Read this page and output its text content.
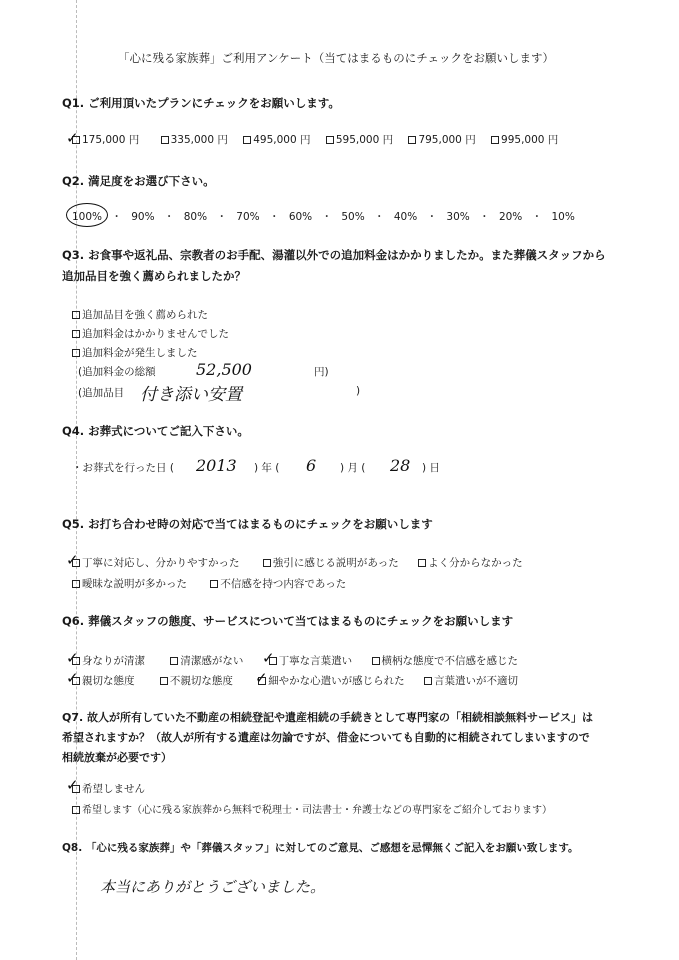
「心に残る家族葬」ご利用アンケート（当てはまるものにチェックをお願いします）
Q1. ご利用頂いたプランにチェックをお願いします。
175,000 円	335,000 円 495,000 円 595,000 円 795,000 円 995,000 円
✓
Q2. 満足度をお選び下さい。
100% ・ 90% ・ 80% ・ 70% ・ 60% ・ 50% ・ 40% ・ 30% ・ 20% ・ 10%
Q3. お食事や返礼品、宗教者のお手配、湯灌以外での追加料金はかかりましたか。また葬儀スタッフから
追加品目を強く薦められましたか？
追加品目を強く薦められた
追加料金はかかりませんでした
追加料金が発生しました
(追加料金の総額	52,500	円)
(追加品目 付き添い安置	)
Q4. お葬式についてご記入下さい。
・お葬式を行った日 ( 2013 ) 年 ( 6 ) 月 ( 28 ) 日
Q5. お打ち合わせ時の対応で当てはまるものにチェックをお願いします
丁寧に対応し、分かりやすかった	強引に感じる説明があった	よく分からなかった
曖昧な説明が多かった	不信感を持つ内容であった
✓
Q6. 葬儀スタッフの態度、サービスについて当てはまるものにチェックをお願いします
身なりが清潔	清潔感がない	丁寧な言葉遣い	横柄な態度で不信感を感じた
親切な態度	不親切な態度	細やかな心遣いが感じられた	言葉遣いが不適切
✓	✓
✓	✓
Q7. 故人が所有していた不動産の相続登記や遺産相続の手続きとして専門家の「相続相談無料サービス」は
希望されますか？（故人が所有する遺産は勿論ですが、借金についても自動的に相続されてしまいますので
相続放棄が必要です）
希望しません
希望します（心に残る家族葬から無料で税理士・司法書士・弁護士などの専門家をご紹介しております）
✓
Q8. 「心に残る家族葬」や「葬儀スタッフ」に対してのご意見、ご感想を忌憚無くご記入をお願い致します。
本当にありがとうございました。
